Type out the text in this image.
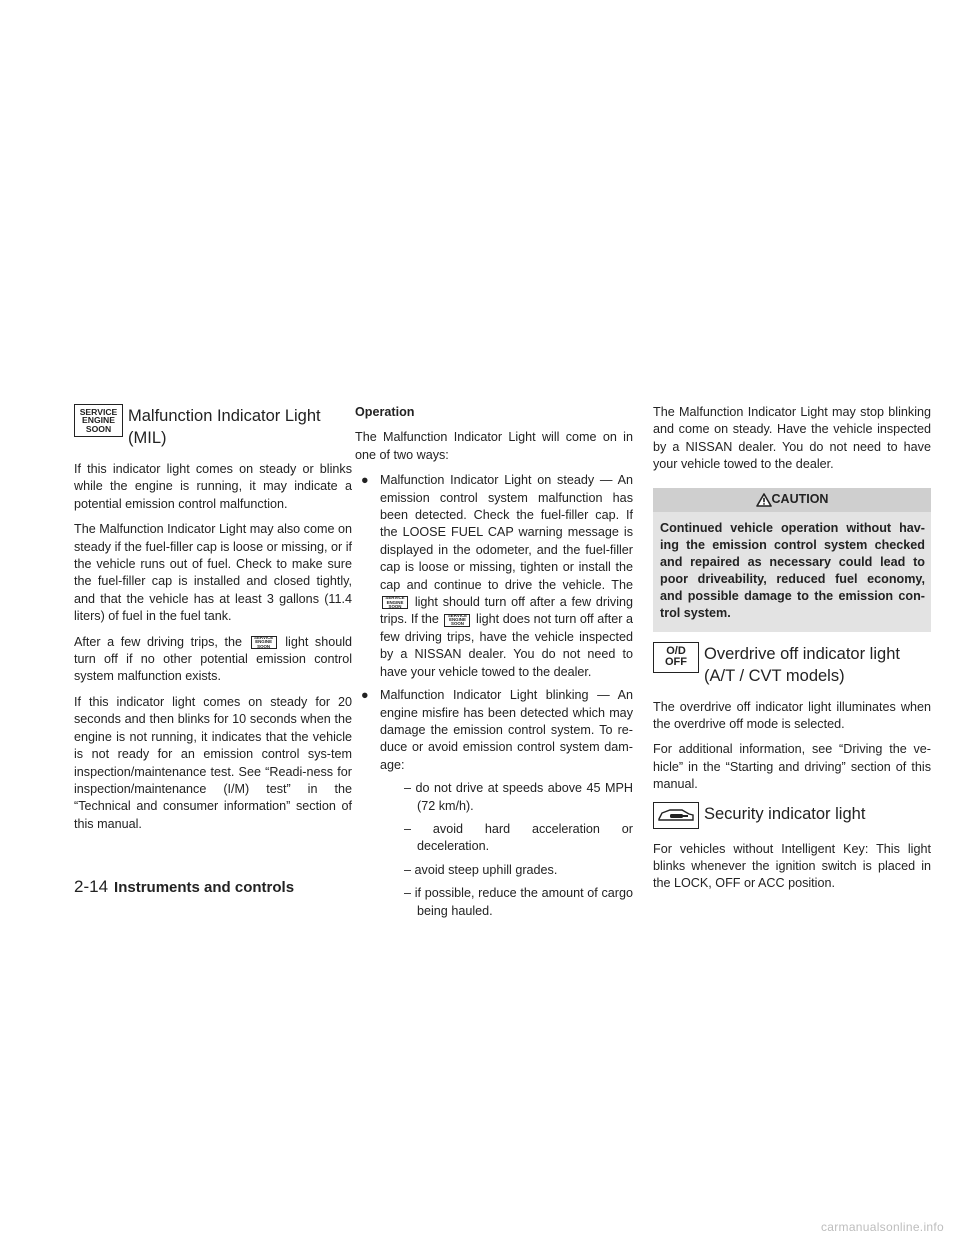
SERVICE
ENGINE
SOON
Malfunction Indicator Light (MIL)

If this indicator light comes on steady or blinks while the engine is running, it may indicate a potential emission control malfunction.

The Malfunction Indicator Light may also come on steady if the fuel-filler cap is loose or missing, or if the vehicle runs out of fuel. Check to make sure the fuel-filler cap is installed and closed tightly, and that the vehicle has at least 3 gallons (11.4 liters) of fuel in the fuel tank.

After a few driving trips, the	SERVICE
ENGINE
SOON light should turn off if no other potential emission control system malfunction exists.

If this indicator light comes on steady for 20 seconds and then blinks for 10 seconds when the engine is not running, it indicates that the vehicle is not ready for an emission control sys-tem inspection/maintenance test. See “Readi-ness for inspection/maintenance (I/M) test” in the “Technical and consumer information” section of this manual.

Operation

The Malfunction Indicator Light will come on in one of two ways:

● Malfunction Indicator Light on steady — An emission control system malfunction has been detected. Check the fuel-filler cap. If the LOOSE FUEL CAP warning message is displayed in the odometer, and the fuel-filler cap is loose or missing, tighten or install the cap and continue to drive the vehicle. The
SERVICE
ENGINE
SOON light should turn off after a few driving trips. If the SERVICE
ENGINE
SOON light does not turn off after a few driving trips, have the vehicle inspected by a NISSAN dealer. You do not need to have your vehicle towed to the dealer.
● Malfunction Indicator Light blinking — An engine misfire has been detected which may damage the emission control system. To re-duce or avoid emission control system dam-age:
– do not drive at speeds above 45 MPH (72 km/h).
– avoid hard acceleration or deceleration.
– avoid steep uphill grades.
– if possible, reduce the amount of cargo being hauled.

The Malfunction Indicator Light may stop blinking and come on steady. Have the vehicle inspected by a NISSAN dealer. You do not need to have your vehicle towed to the dealer.

CAUTION
Continued vehicle operation without hav-ing the emission control system checked and repaired as necessary could lead to poor driveability, reduced fuel economy, and possible damage to the emission con-trol system.
O/D
OFF Overdrive off indicator light (A/T / CVT models)

The overdrive off indicator light illuminates when the overdrive off mode is selected.

For additional information, see “Driving the ve-hicle” in the “Starting and driving” section of this manual.

Security indicator light

For vehicles without Intelligent Key: This light blinks whenever the ignition switch is placed in the LOCK, OFF or ACC position.

2-14 Instruments and controls
carmanualsonline.info
